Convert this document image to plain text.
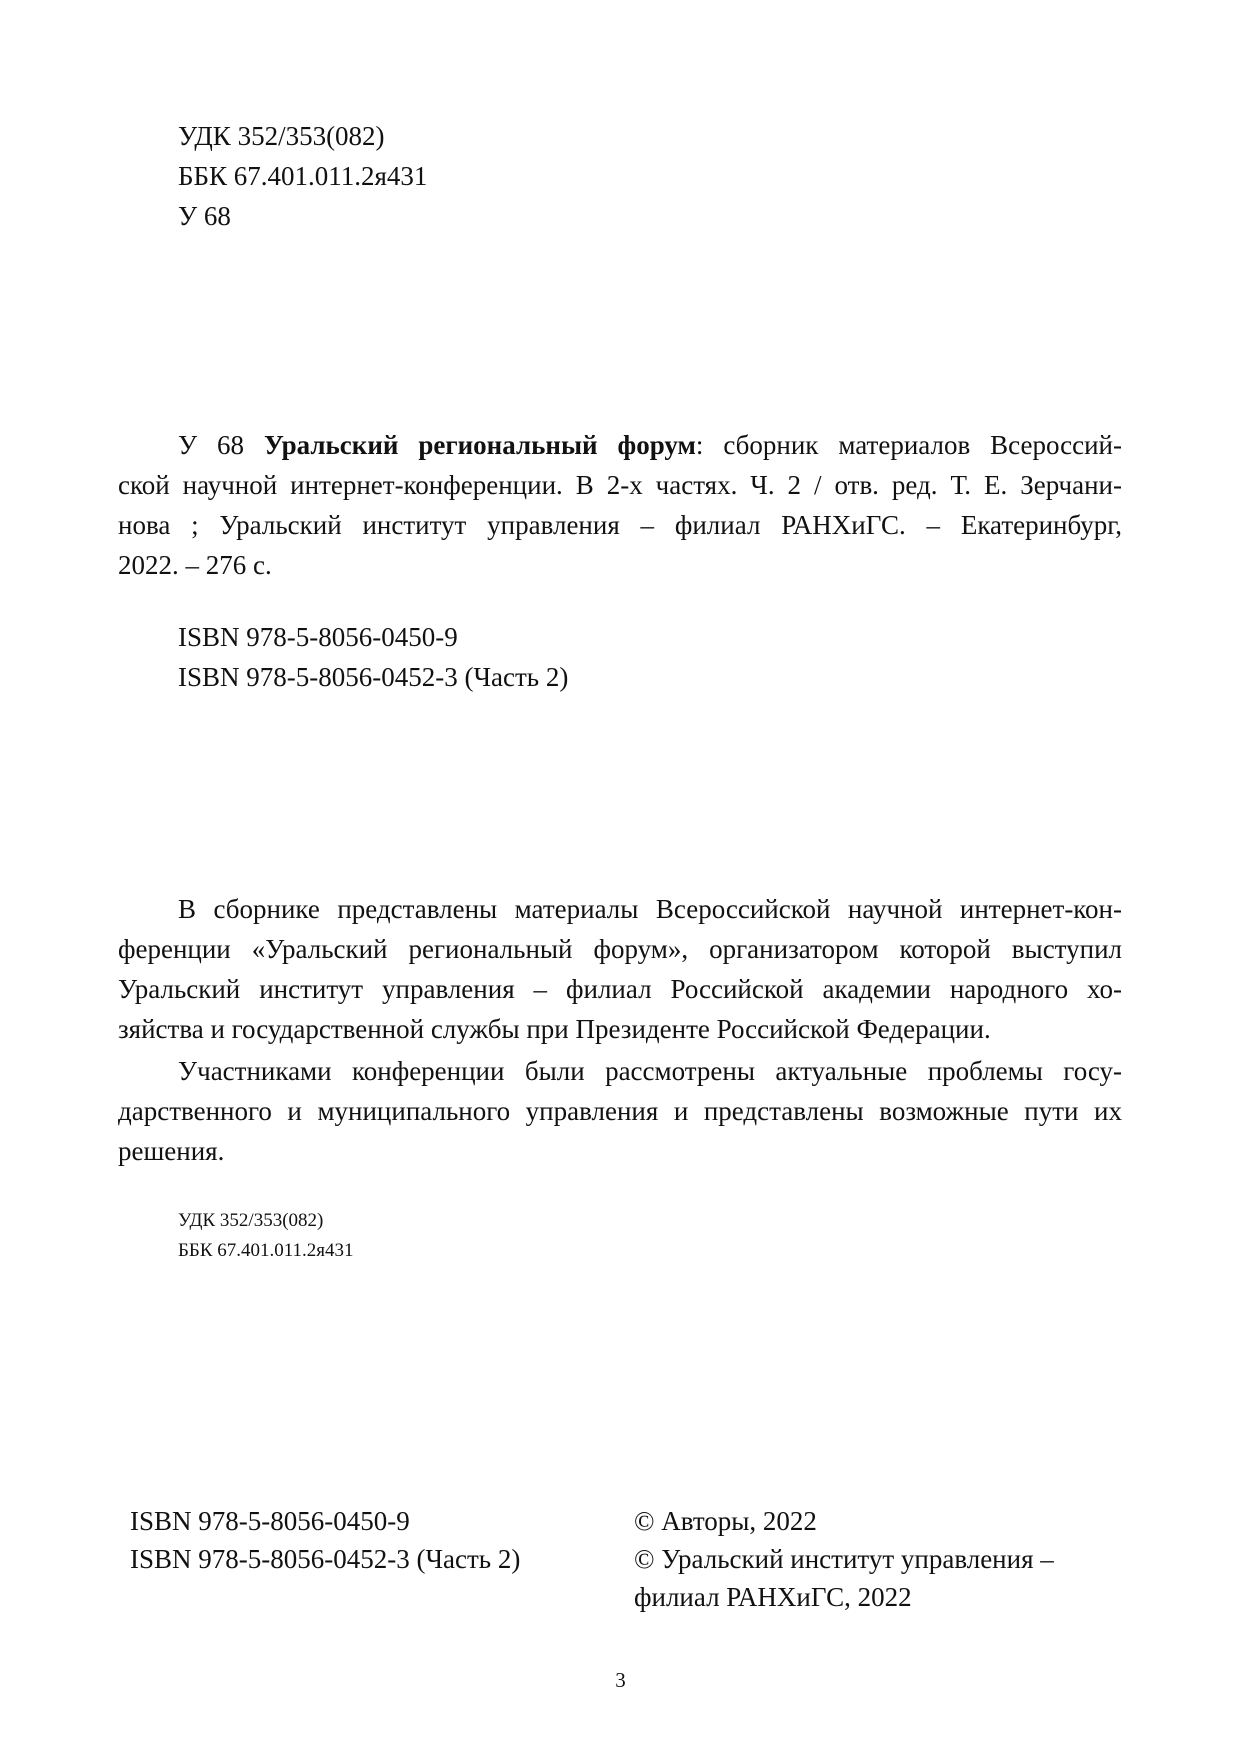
УДК 352/353(082)
ББК 67.401.011.2я431
У 68
У 68 Уральский региональный форум: сборник материалов Всероссий-
ской научной интернет-конференции. В 2-х частях. Ч. 2 / отв. ред. Т. Е. Зерчани-
нова ; Уральский институт управления – филиал РАНХиГС. – Екатеринбург,
2022. – 276 с.
ISBN 978-5-8056-0450-9
ISBN 978-5-8056-0452-3 (Часть 2)
В сборнике представлены материалы Всероссийской научной интернет-кон-
ференции «Уральский региональный форум», организатором которой выступил
Уральский институт управления – филиал Российской академии народного хо-
зяйства и государственной службы при Президенте Российской Федерации.
Участниками конференции были рассмотрены актуальные проблемы госу-
дарственного и муниципального управления и представлены возможные пути их
решения.
УДК 352/353(082)
ББК 67.401.011.2я431
ISBN 978-5-8056-0450-9
ISBN 978-5-8056-0452-3 (Часть 2)
© Авторы, 2022
© Уральский институт управления –
филиал РАНХиГС, 2022
3
